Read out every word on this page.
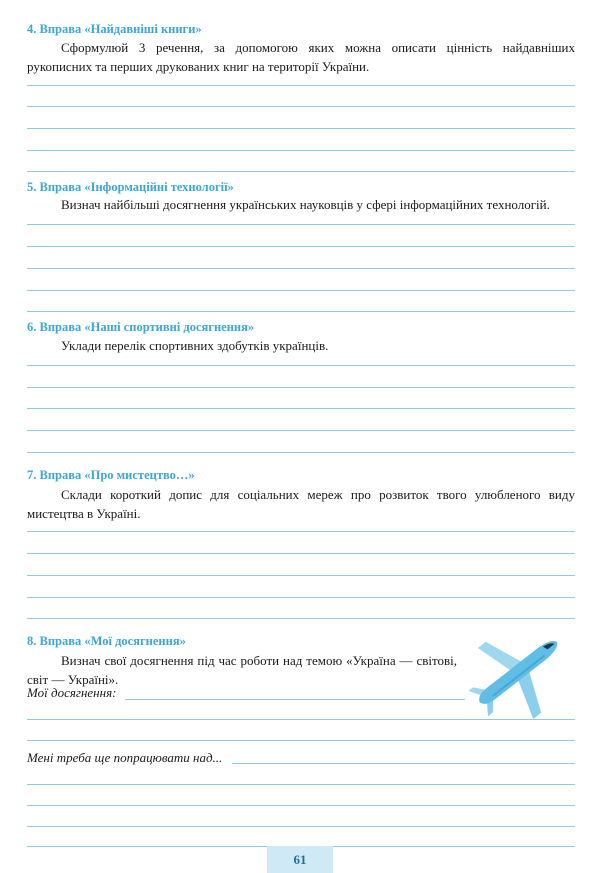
4. Вправа «Найдавніші книги»
Сформулюй 3 речення, за допомогою яких можна описати цінність найдавніших рукописних та перших друкованих книг на території України.
5. Вправа «Інформаційні технології»
Визнач найбільші досягнення українських науковців у сфері інформаційних технологій.
6. Вправа «Наші спортивні досягнення»
Уклади перелік спортивних здобутків українців.
7. Вправа «Про мистецтво…»
Склади короткий допис для соціальних мереж про розвиток твого улюбленого виду мистецтва в Україні.
8. Вправа «Мої досягнення»
Визнач свої досягнення під час роботи над темою «Україна — світові, світ — Україні».
Мої досягнення:
Мені треба ще попрацювати над...
61
